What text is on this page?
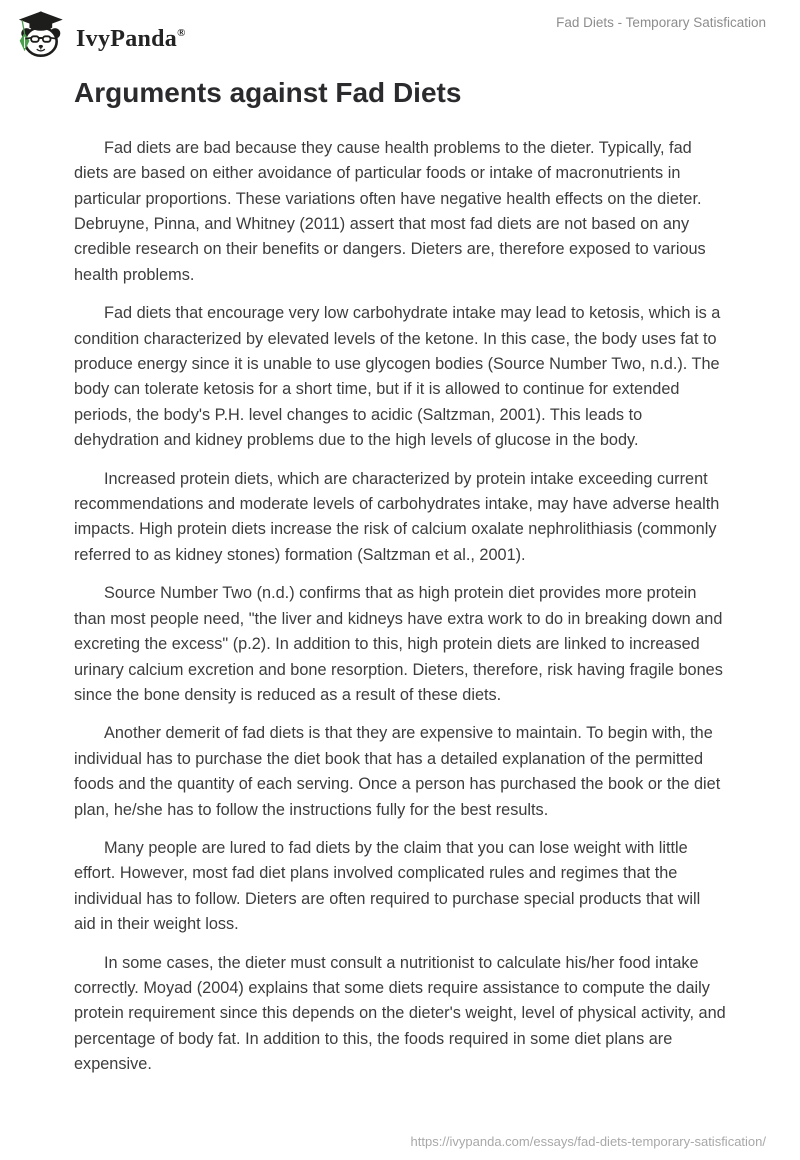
IvyPanda®
Fad Diets - Temporary Satisfication
Arguments against Fad Diets

Fad diets are bad because they cause health problems to the dieter. Typically, fad diets are based on either avoidance of particular foods or intake of macronutrients in particular proportions. These variations often have negative health effects on the dieter. Debruyne, Pinna, and Whitney (2011) assert that most fad diets are not based on any credible research on their benefits or dangers. Dieters are, therefore exposed to various health problems.

Fad diets that encourage very low carbohydrate intake may lead to ketosis, which is a condition characterized by elevated levels of the ketone. In this case, the body uses fat to produce energy since it is unable to use glycogen bodies (Source Number Two, n.d.). The body can tolerate ketosis for a short time, but if it is allowed to continue for extended periods, the body's P.H. level changes to acidic (Saltzman, 2001). This leads to dehydration and kidney problems due to the high levels of glucose in the body.

Increased protein diets, which are characterized by protein intake exceeding current recommendations and moderate levels of carbohydrates intake, may have adverse health impacts. High protein diets increase the risk of calcium oxalate nephrolithiasis (commonly referred to as kidney stones) formation (Saltzman et al., 2001).

Source Number Two (n.d.) confirms that as high protein diet provides more protein than most people need, "the liver and kidneys have extra work to do in breaking down and excreting the excess" (p.2). In addition to this, high protein diets are linked to increased urinary calcium excretion and bone resorption. Dieters, therefore, risk having fragile bones since the bone density is reduced as a result of these diets.

Another demerit of fad diets is that they are expensive to maintain. To begin with, the individual has to purchase the diet book that has a detailed explanation of the permitted foods and the quantity of each serving. Once a person has purchased the book or the diet plan, he/she has to follow the instructions fully for the best results.

Many people are lured to fad diets by the claim that you can lose weight with little effort. However, most fad diet plans involved complicated rules and regimes that the individual has to follow. Dieters are often required to purchase special products that will aid in their weight loss.

In some cases, the dieter must consult a nutritionist to calculate his/her food intake correctly. Moyad (2004) explains that some diets require assistance to compute the daily protein requirement since this depends on the dieter's weight, level of physical activity, and percentage of body fat. In addition to this, the foods required in some diet plans are expensive.

https://ivypanda.com/essays/fad-diets-temporary-satisfication/
